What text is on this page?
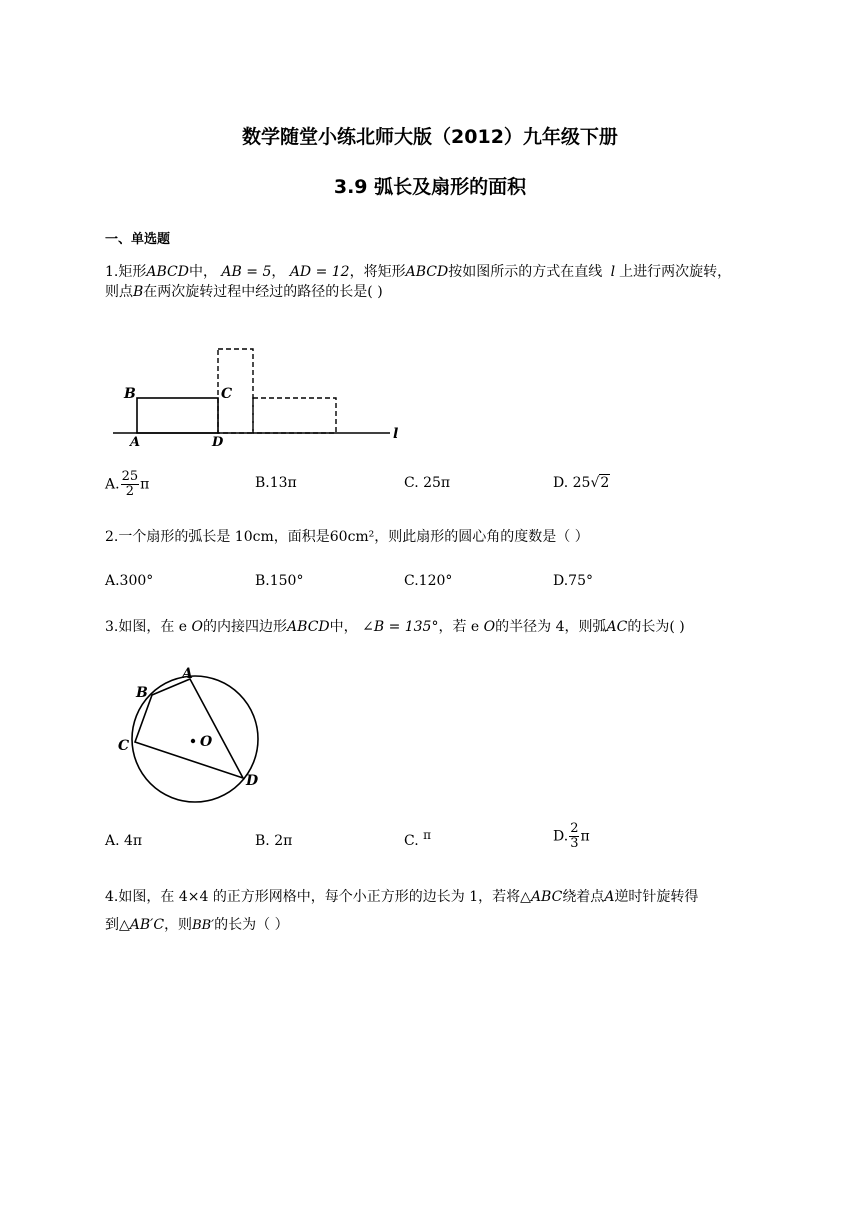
数学随堂小练北师大版（2012）九年级下册
3.9 弧长及扇形的面积
一、单选题
1.矩形ABCD中， AB = 5， AD = 12，将矩形ABCD按如图所示的方式在直线 l 上进行两次旋转，
则点B在两次旋转过程中经过的路径的长是( )
B	C
A	D
l
A. $\frac{25}{2}$ π	B.13π	C. 25π	D. 25√2
2.一个扇形的弧长是 10cm，面积是60cm²，则此扇形的圆心角的度数是（ ）
A.300°	B.150°	C.120°	D.75°
3.如图，在 e O的内接四边形ABCD中， ∠B = 135°，若 e O的半径为 4，则弧AC的长为( )
A
B
C
D
O
A. 4π	B. 2π	C. π	D. $\frac{2}{3}$ π
4.如图，在 4×4 的正方形网格中，每个小正方形的边长为 1，若将△ABC绕着点A逆时针旋转得
到△AB′C，则BB′的长为（ ）
